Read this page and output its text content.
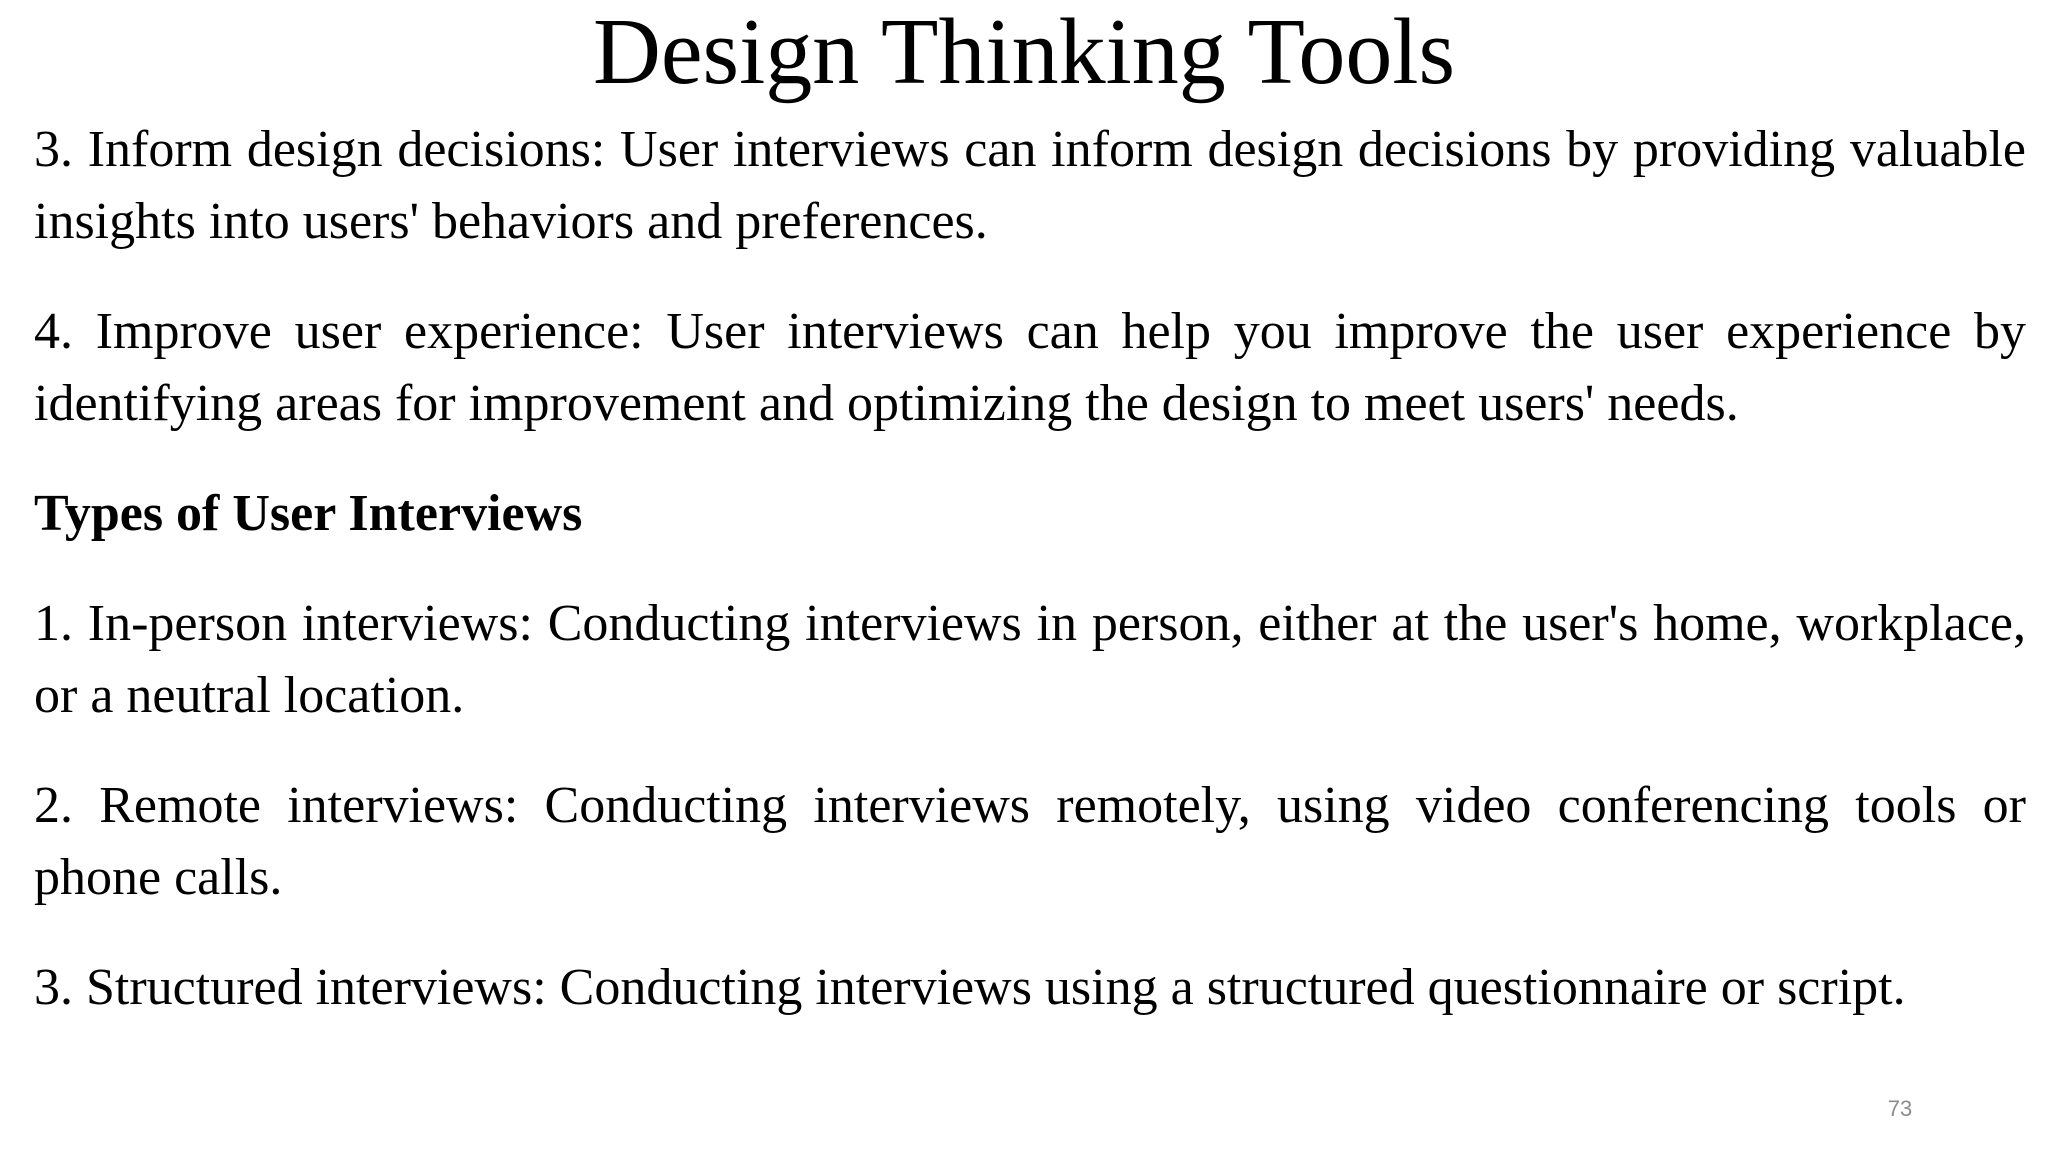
Design Thinking Tools

3. Inform design decisions: User interviews can inform design decisions by providing valuable insights into users' behaviors and preferences.

4. Improve user experience: User interviews can help you improve the user experience by identifying areas for improvement and optimizing the design to meet users' needs.

Types of User Interviews

1. In-person interviews: Conducting interviews in person, either at the user's home, workplace, or a neutral location.

2. Remote interviews: Conducting interviews remotely, using video conferencing tools or phone calls.

3. Structured interviews: Conducting interviews using a structured questionnaire or script.

73
